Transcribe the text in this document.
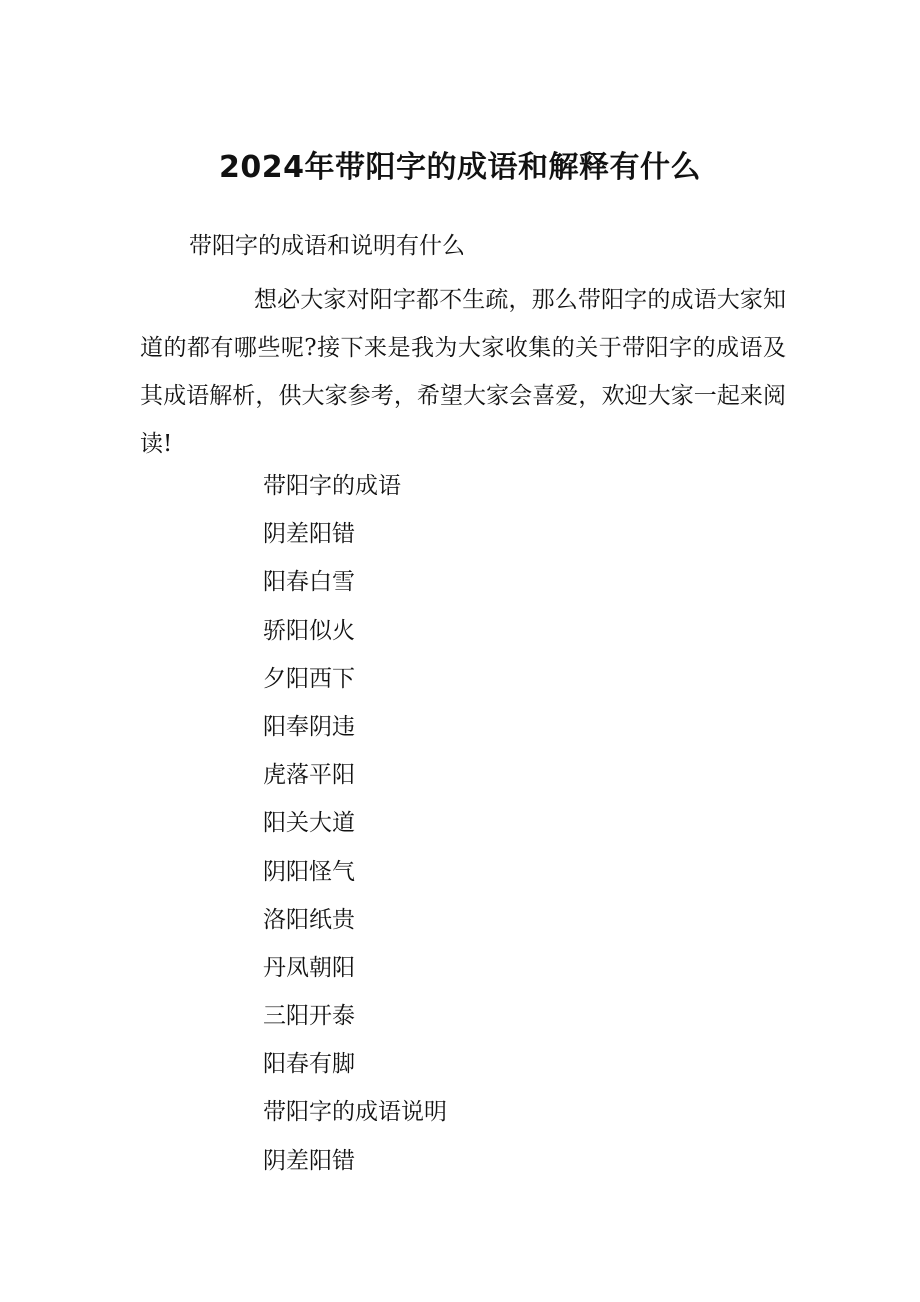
2024年带阳字的成语和解释有什么
带阳字的成语和说明有什么
想必大家对阳字都不生疏，那么带阳字的成语大家知道的都有哪些呢?接下来是我为大家收集的关于带阳字的成语及其成语解析，供大家参考，希望大家会喜爱，欢迎大家一起来阅读!
带阳字的成语
阴差阳错
阳春白雪
骄阳似火
夕阳西下
阳奉阴违
虎落平阳
阳关大道
阴阳怪气
洛阳纸贵
丹凤朝阳
三阳开泰
阳春有脚
带阳字的成语说明
阴差阳错
